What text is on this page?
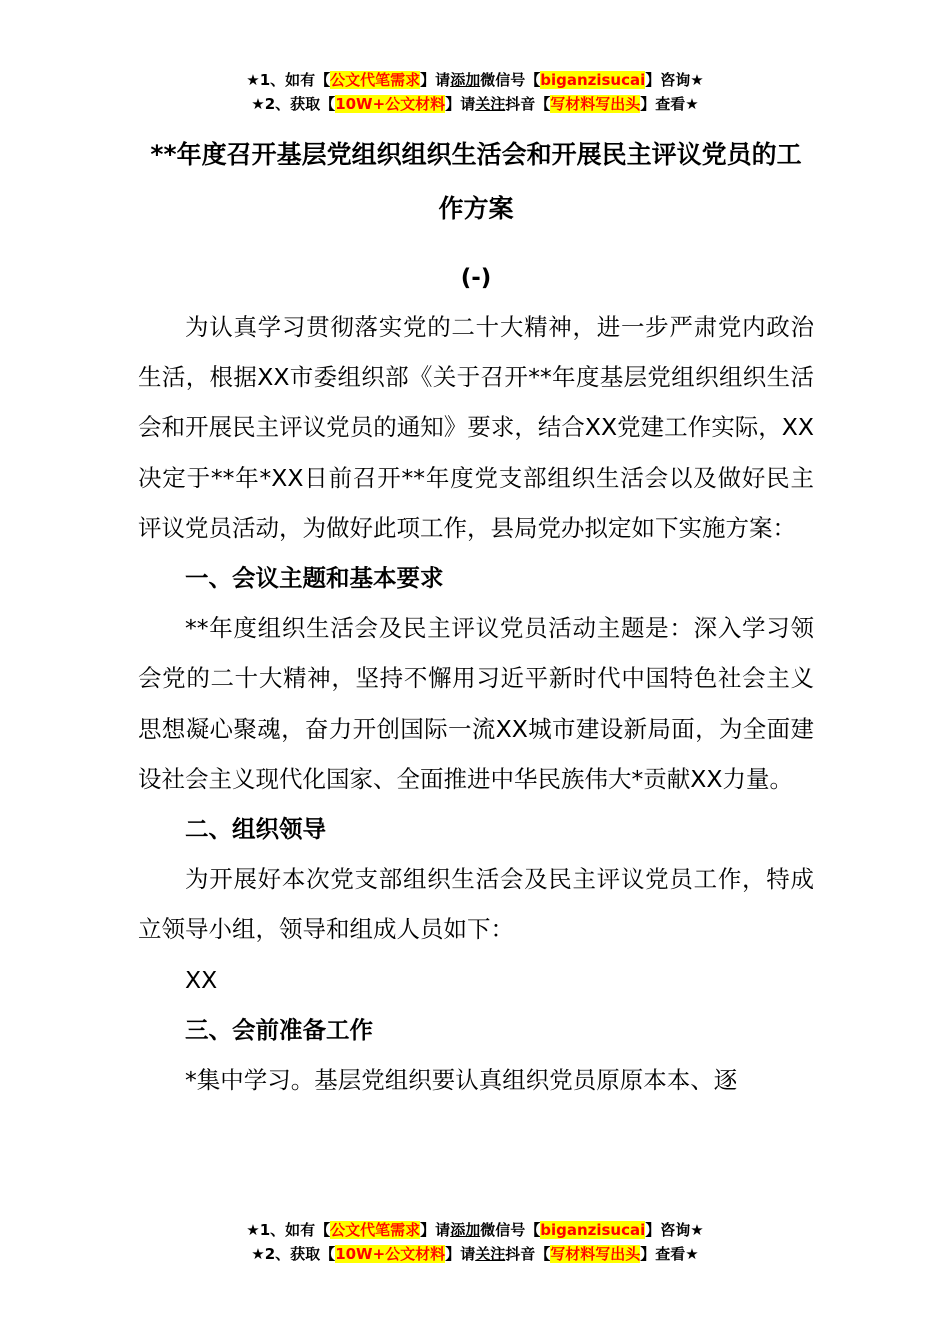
★1、如有【公文代笔需求】请添加微信号【biganzisucai】咨询★
★2、获取【10W+公文材料】请关注抖音【写材料写出头】查看★
**年度召开基层党组织组织生活会和开展民主评议党员的工作方案
(-)

为认真学习贯彻落实党的二十大精神，进一步严肃党内政治生活，根据XX市委组织部《关于召开**年度基层党组织组织生活会和开展民主评议党员的通知》要求，结合XX党建工作实际，XX决定于**年*XX日前召开**年度党支部组织生活会以及做好民主评议党员活动，为做好此项工作，县局党办拟定如下实施方案：

一、会议主题和基本要求

**年度组织生活会及民主评议党员活动主题是：深入学习领会党的二十大精神，坚持不懈用习近平新时代中国特色社会主义思想凝心聚魂，奋力开创国际一流XX城市建设新局面，为全面建设社会主义现代化国家、全面推进中华民族伟大*贡献XX力量。

二、组织领导

为开展好本次党支部组织生活会及民主评议党员工作，特成立领导小组，领导和组成人员如下：

XX

三、会前准备工作

*集中学习。基层党组织要认真组织党员原原本本、逐

★1、如有【公文代笔需求】请添加微信号【biganzisucai】咨询★
★2、获取【10W+公文材料】请关注抖音【写材料写出头】查看★
